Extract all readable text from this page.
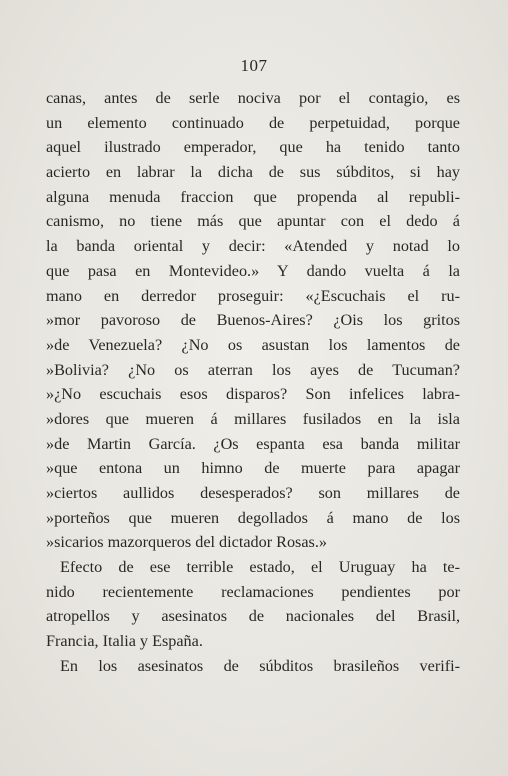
107
canas, antes de serle nociva por el contagio, es
un elemento continuado de perpetuidad, porque
aquel ilustrado emperador, que ha tenido tanto
acierto en labrar la dicha de sus súbditos, si hay
alguna menuda fraccion que propenda al republi-
canismo, no tiene más que apuntar con el dedo á
la banda oriental y decir: «Atended y notad lo
que pasa en Montevideo.» Y dando vuelta á la
mano en derredor proseguir: «¿Escuchais el ru-
»mor pavoroso de Buenos-Aires? ¿Ois los gritos
»de Venezuela? ¿No os asustan los lamentos de
»Bolivia? ¿No os aterran los ayes de Tucuman?
»¿No escuchais esos disparos? Son infelices labra-
»dores que mueren á millares fusilados en la isla
»de Martin García. ¿Os espanta esa banda militar
»que entona un himno de muerte para apagar
»ciertos aullidos desesperados? son millares de
»porteños que mueren degollados á mano de los
»sicarios mazorqueros del dictador Rosas.»
Efecto de ese terrible estado, el Uruguay ha te-
nido recientemente reclamaciones pendientes por
atropellos y asesinatos de nacionales del Brasil,
Francia, Italia y España.
En los asesinatos de súbditos brasileños verifi-
